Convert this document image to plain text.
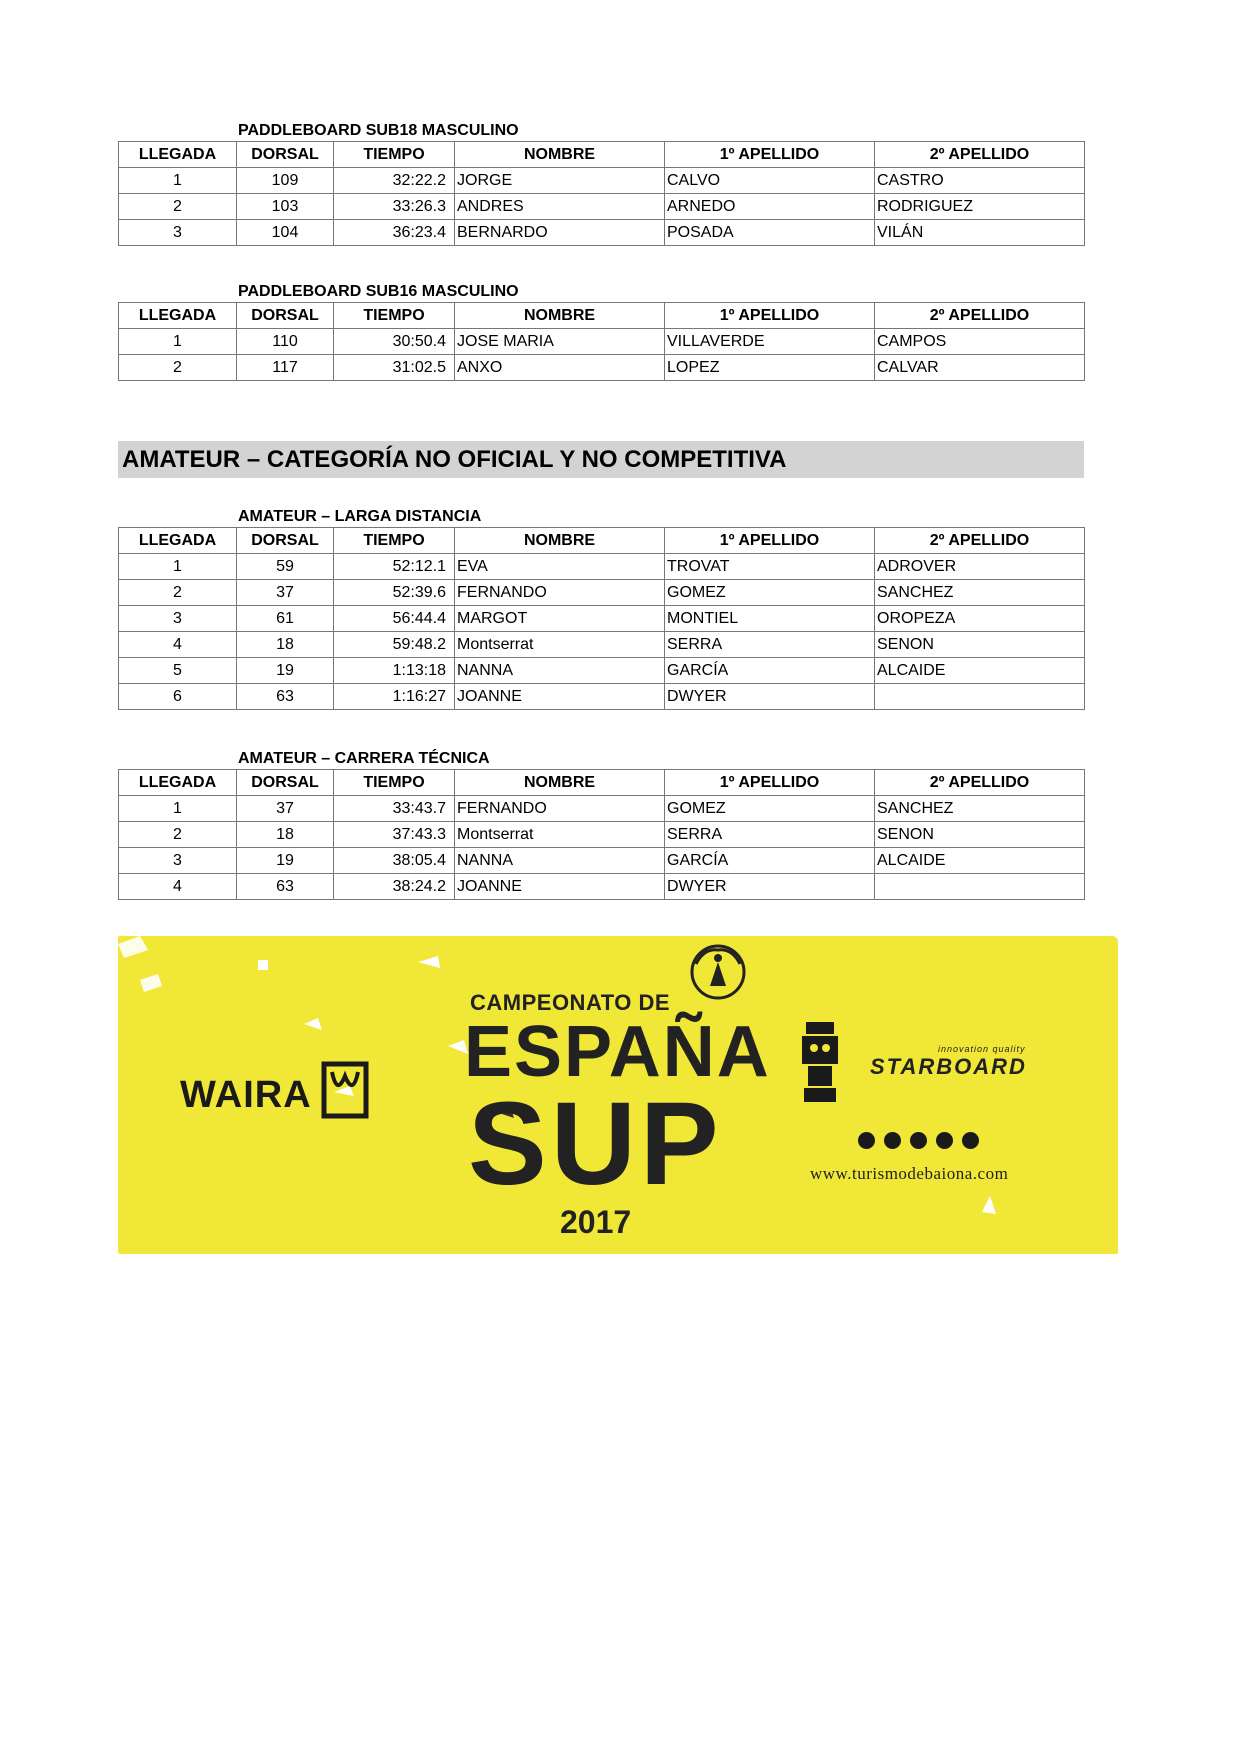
PADDLEBOARD SUB18 MASCULINO
LLEGADA	DORSAL	TIEMPO	NOMBRE	1º APELLIDO	2º APELLIDO
1	109	32:22.2	JORGE	CALVO	CASTRO
2	103	33:26.3	ANDRES	ARNEDO	RODRIGUEZ
3	104	36:23.4	BERNARDO	POSADA	VILÁN
PADDLEBOARD SUB16 MASCULINO
LLEGADA	DORSAL	TIEMPO	NOMBRE	1º APELLIDO	2º APELLIDO
1	110	30:50.4	JOSE MARIA	VILLAVERDE	CAMPOS
2	117	31:02.5	ANXO	LOPEZ	CALVAR
AMATEUR – CATEGORÍA NO OFICIAL Y NO COMPETITIVA
AMATEUR – LARGA DISTANCIA
LLEGADA	DORSAL	TIEMPO	NOMBRE	1º APELLIDO	2º APELLIDO
1	59	52:12.1	EVA	TROVAT	ADROVER
2	37	52:39.6	FERNANDO	GOMEZ	SANCHEZ
3	61	56:44.4	MARGOT	MONTIEL	OROPEZA
4	18	59:48.2	Montserrat	SERRA	SENON
5	19	1:13:18	NANNA	GARCÍA	ALCAIDE
6	63	1:16:27	JOANNE	DWYER	
AMATEUR – CARRERA TÉCNICA
LLEGADA	DORSAL	TIEMPO	NOMBRE	1º APELLIDO	2º APELLIDO
1	37	33:43.7	FERNANDO	GOMEZ	SANCHEZ
2	18	37:43.3	Montserrat	SERRA	SENON
3	19	38:05.4	NANNA	GARCÍA	ALCAIDE
4	63	38:24.2	JOANNE	DWYER	
WAIRA
CAMPEONATO DE
ESPAÑA
SUP
2017
innovation quality
STARBOARD
www.turismodebaiona.com
